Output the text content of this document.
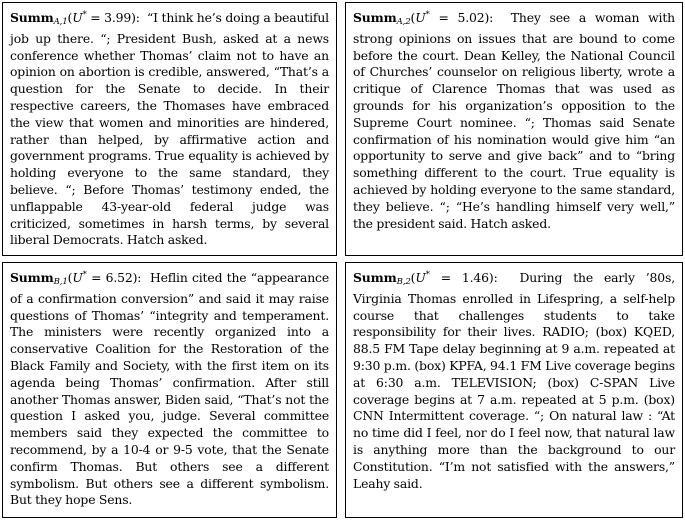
SummA,1(U* = 3.99): “I think he’s doing a beautiful job up there. “; President Bush, asked at a news conference whether Thomas’ claim not to have an opinion on abortion is credible, answered, “That’s a question for the Senate to decide. In their respective careers, the Thomases have embraced the view that women and minorities are hindered, rather than helped, by affirmative action and government programs. True equality is achieved by holding everyone to the same standard, they believe. “; Before Thomas’ testimony ended, the unflappable 43-year-old federal judge was criticized, sometimes in harsh terms, by several liberal Democrats. Hatch asked.

SummA,2(U* = 5.02): They see a woman with strong opinions on issues that are bound to come before the court. Dean Kelley, the National Council of Churches’ counselor on religious liberty, wrote a critique of Clarence Thomas that was used as grounds for his organization’s opposition to the Supreme Court nominee. “; Thomas said Senate confirmation of his nomination would give him “an opportunity to serve and give back” and to “bring something different to the court. True equality is achieved by holding everyone to the same standard, they believe. “; “He’s handling himself very well,” the president said. Hatch asked.

SummB,1(U* = 6.52): Heflin cited the “appearance of a confirmation conversion” and said it may raise questions of Thomas’ “integrity and temperament. The ministers were recently organized into a conservative Coalition for the Restoration of the Black Family and Society, with the first item on its agenda being Thomas’ confirmation. After still another Thomas answer, Biden said, “That’s not the question I asked you, judge. Several committee members said they expected the committee to recommend, by a 10-4 or 9-5 vote, that the Senate confirm Thomas. But others see a different symbolism. But others see a different symbolism. But they hope Sens.

SummB,2(U* = 1.46): During the early ’80s, Virginia Thomas enrolled in Lifespring, a self-help course that challenges students to take responsibility for their lives. RADIO; (box) KQED, 88.5 FM Tape delay beginning at 9 a.m. repeated at 9:30 p.m. (box) KPFA, 94.1 FM Live coverage begins at 6:30 a.m. TELEVISION; (box) C-SPAN Live coverage begins at 7 a.m. repeated at 5 p.m. (box) CNN Intermittent coverage. “; On natural law : “At no time did I feel, nor do I feel now, that natural law is anything more than the background to our Constitution. “I’m not satisfied with the answers,” Leahy said.
